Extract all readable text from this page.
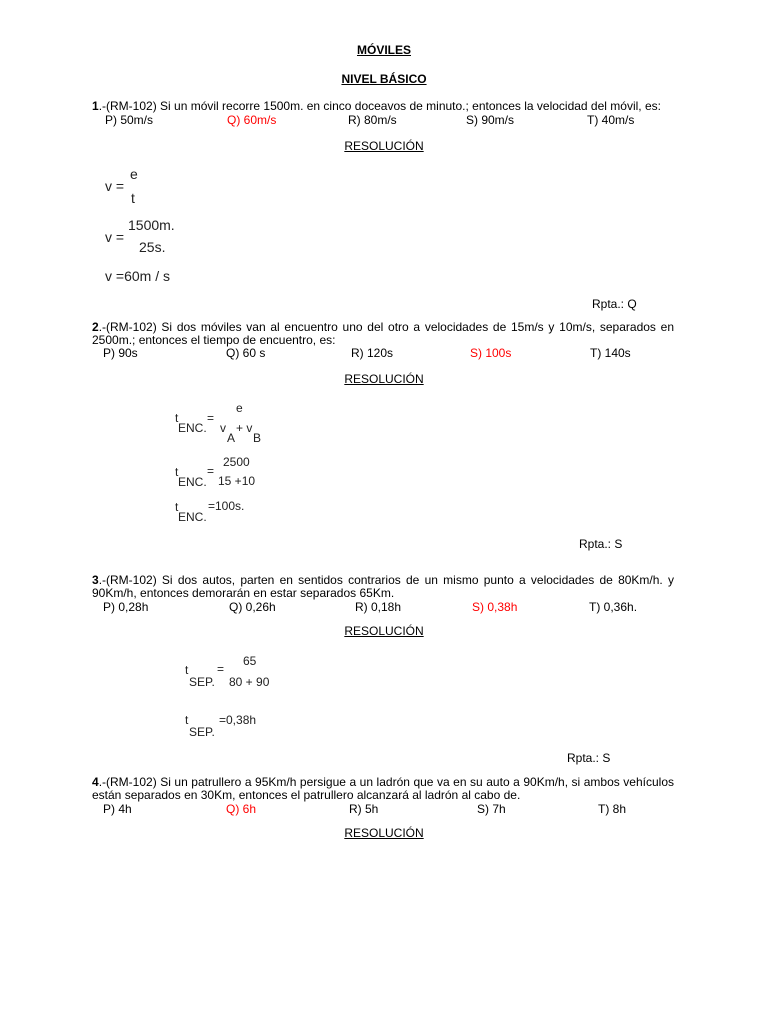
MÓVILES
NIVEL BÁSICO
1.-(RM-102) Si un móvil recorre 1500m. en cinco doceavos de minuto.; entonces la velocidad del móvil, es:
P) 50m/s	Q) 60m/s	R) 80m/s	S) 90m/s	T) 40m/s
RESOLUCIÓN
v =
e
t
v =
1500m.
25s.
v =60m / s
Rpta.: Q
2.-(RM-102) Si dos móviles van al encuentro uno del otro a velocidades de 15m/s y 10m/s, separados en 2500m.; entonces el tiempo de encuentro, es:
P) 90s	Q) 60 s	R) 120s	S) 100s	T) 140s
RESOLUCIÓN
t
ENC.
=
e
v
A
+ v
B
t
ENC.
=
2500
15 +10
t
ENC.
=100s.
Rpta.: S
3.-(RM-102) Si dos autos, parten en sentidos contrarios de un mismo punto a velocidades de 80Km/h. y 90Km/h, entonces demorarán en estar separados 65Km.
P) 0,28h	Q) 0,26h	R) 0,18h	S) 0,38h	T) 0,36h.
RESOLUCIÓN
t
SEP.
=
65
80 + 90
t
SEP.
=0,38h
Rpta.: S
4.-(RM-102) Si un patrullero a 95Km/h persigue a un ladrón que va en su auto a 90Km/h, si ambos vehículos están separados en 30Km, entonces el patrullero alcanzará al ladrón al cabo de.
P) 4h	Q) 6h	R) 5h	S) 7h	T) 8h
RESOLUCIÓN
